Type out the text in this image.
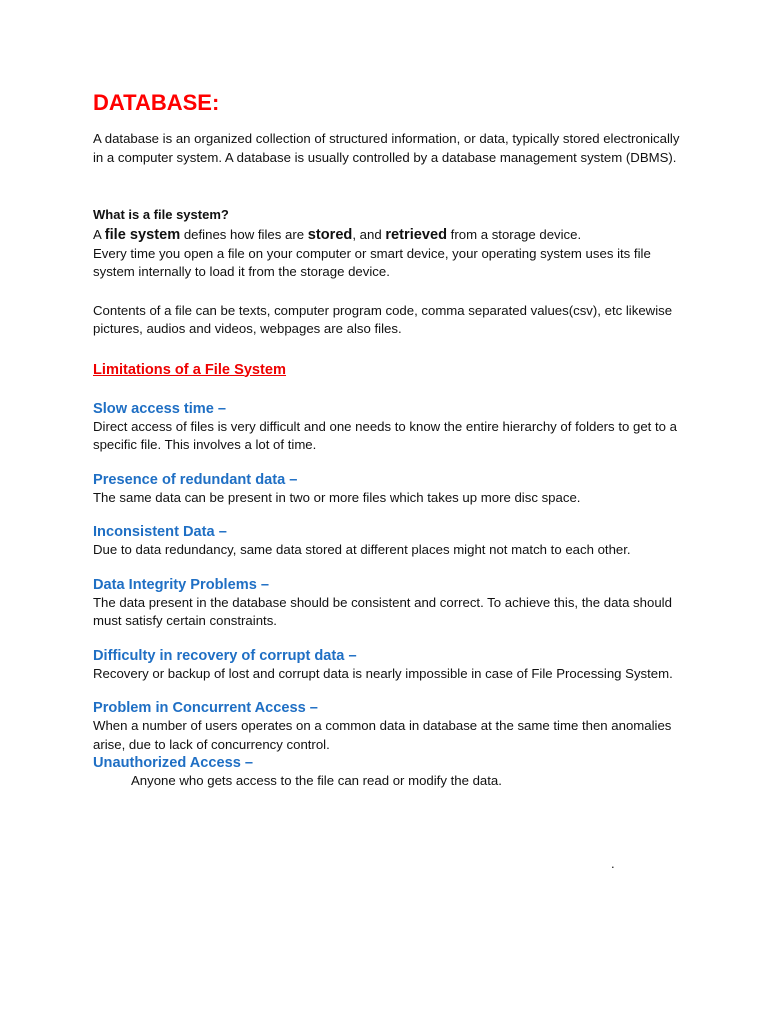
DATABASE:

A database is an organized collection of structured information, or data, typically stored electronically in a computer system. A database is usually controlled by a database management system (DBMS).

What is a file system?

A file system defines how files are stored, and retrieved from a storage device.

Every time you open a file on your computer or smart device, your operating system uses its file system internally to load it from the storage device.

Contents of a file can be texts, computer program code, comma separated values(csv), etc likewise pictures, audios and videos, webpages are also files.

Limitations of a File System
Slow access time –

Direct access of files is very difficult and one needs to know the entire hierarchy of folders to get to a specific file. This involves a lot of time.

Presence of redundant data –

The same data can be present in two or more files which takes up more disc space.

Inconsistent Data –

Due to data redundancy, same data stored at different places might not match to each other.

Data Integrity Problems –

The data present in the database should be consistent and correct. To achieve this, the data should must satisfy certain constraints.

Difficulty in recovery of corrupt data –

Recovery or backup of lost and corrupt data is nearly impossible in case of File Processing System.

Problem in Concurrent Access –

When a number of users operates on a common data in database at the same time then anomalies arise, due to lack of concurrency control.

Unauthorized Access –

Anyone who gets access to the file can read or modify the data.

.
